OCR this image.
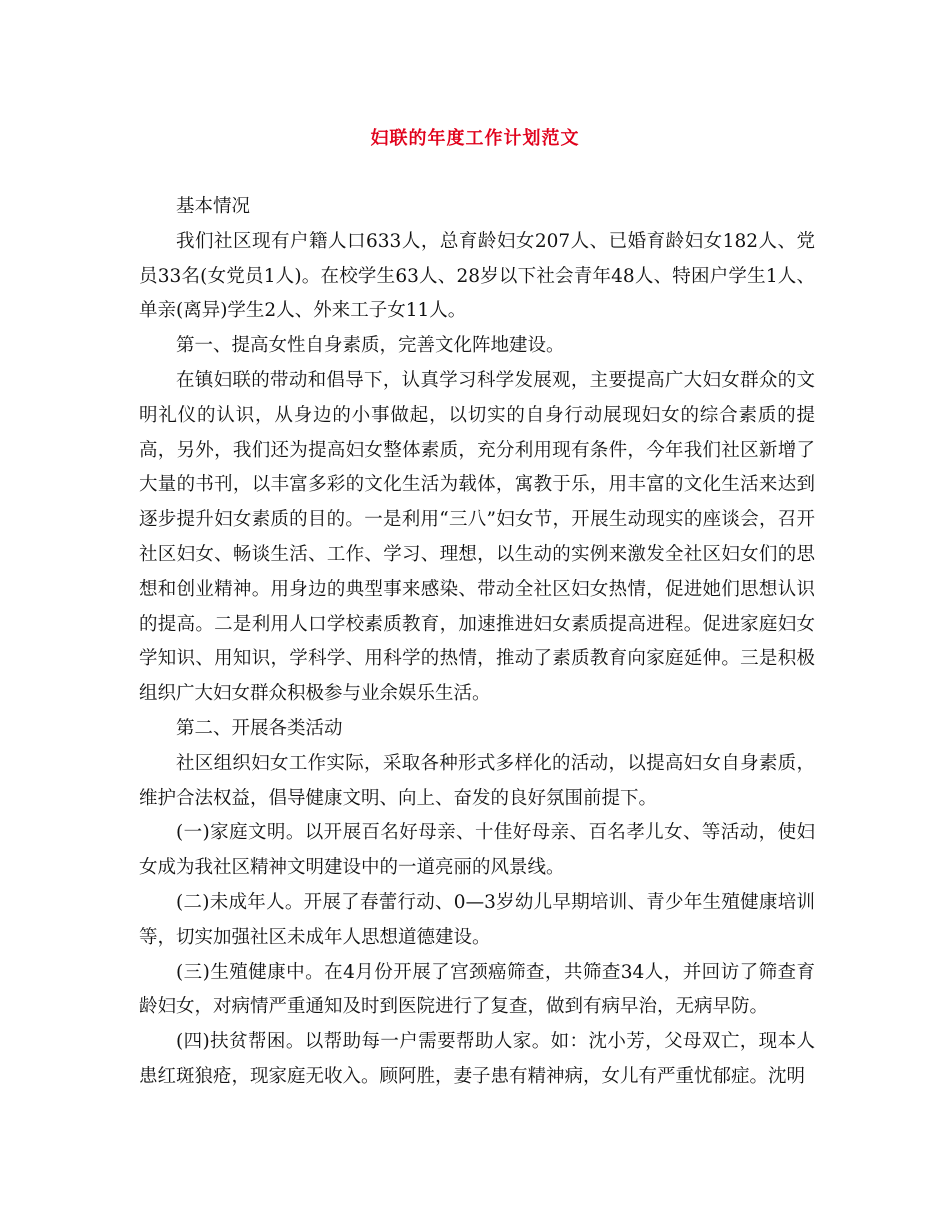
妇联的年度工作计划范文

基本情况

我们社区现有户籍人口633人，总育龄妇女207人、已婚育龄妇女182人、党员33名(女党员1人)。在校学生63人、28岁以下社会青年48人、特困户学生1人、单亲(离异)学生2人、外来工子女11人。

第一、提高女性自身素质，完善文化阵地建设。

在镇妇联的带动和倡导下，认真学习科学发展观，主要提高广大妇女群众的文明礼仪的认识，从身边的小事做起，以切实的自身行动展现妇女的综合素质的提高，另外，我们还为提高妇女整体素质，充分利用现有条件，今年我们社区新增了大量的书刊，以丰富多彩的文化生活为载体，寓教于乐，用丰富的文化生活来达到逐步提升妇女素质的目的。一是利用“三八”妇女节，开展生动现实的座谈会，召开社区妇女、畅谈生活、工作、学习、理想，以生动的实例来激发全社区妇女们的思想和创业精神。用身边的典型事来感染、带动全社区妇女热情，促进她们思想认识的提高。二是利用人口学校素质教育，加速推进妇女素质提高进程。促进家庭妇女学知识、用知识，学科学、用科学的热情，推动了素质教育向家庭延伸。三是积极组织广大妇女群众积极参与业余娱乐生活。

第二、开展各类活动

社区组织妇女工作实际，采取各种形式多样化的活动，以提高妇女自身素质，维护合法权益，倡导健康文明、向上、奋发的良好氛围前提下。

(一)家庭文明。以开展百名好母亲、十佳好母亲、百名孝儿女、等活动，使妇女成为我社区精神文明建设中的一道亮丽的风景线。

(二)未成年人。开展了春蕾行动、0—3岁幼儿早期培训、青少年生殖健康培训等，切实加强社区未成年人思想道德建设。

(三)生殖健康中。在4月份开展了宫颈癌筛查，共筛查34人，并回访了筛查育龄妇女，对病情严重通知及时到医院进行了复查，做到有病早治，无病早防。

(四)扶贫帮困。以帮助每一户需要帮助人家。如：沈小芳，父母双亡，现本人患红斑狼疮，现家庭无收入。顾阿胜，妻子患有精神病，女儿有严重忧郁症。沈明
